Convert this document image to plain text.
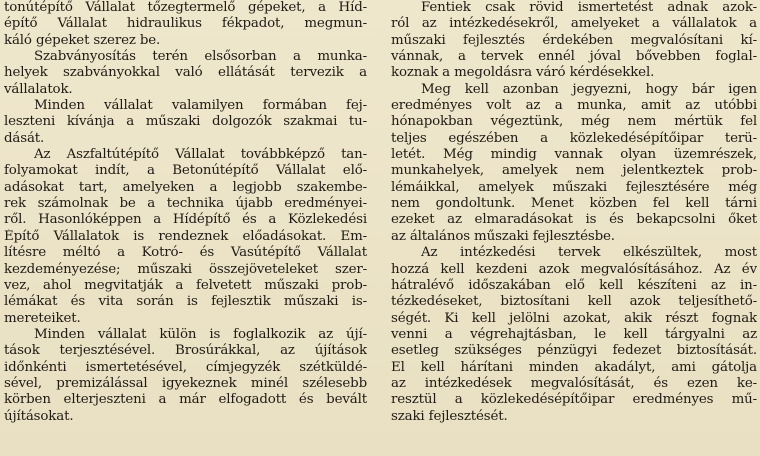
tonútépítő Vállalat tőzegtermelő gépeket, a Híd-
építő Vállalat hidraulikus fékpadot, megmun-
káló gépeket szerez be.
Szabványosítás terén elsősorban a munka-
helyek szabványokkal való ellátását tervezik a
vállalatok.
Minden vállalat valamilyen formában fej-
leszteni kívánja a műszaki dolgozók szakmai tu-
dását.
Az Aszfaltútépítő Vállalat továbbképző tan-
folyamokat indít, a Betonútépítő Vállalat elő-
adásokat tart, amelyeken a legjobb szakembe-
rek számolnak be a technika újabb eredményei-
ről. Hasonlóképpen a Hídépítő és a Közlekedési
Építő Vállalatok is rendeznek előadásokat. Em-
lítésre méltó a Kotró- és Vasútépítő Vállalat
kezdeményezése; műszaki összejöveteleket szer-
vez, ahol megvitatják a felvetett műszaki prob-
lémákat és vita során is fejlesztik műszaki is-
mereteiket.
Minden vállalat külön is foglalkozik az újí-
tások terjesztésével. Brosúrákkal, az újítások
időnkénti ismertetésével, címjegyzék szétküldé-
sével, premizálással igyekeznek minél szélesebb
körben elterjeszteni a már elfogadott és bevált
újításokat.
Fentiek csak rövid ismertetést adnak azok-
ról az intézkedésekről, amelyeket a vállalatok a
műszaki fejlesztés érdekében megvalósítani kí-
vánnak, a tervek ennél jóval bővebben foglal-
koznak a megoldásra váró kérdésekkel.
Meg kell azonban jegyezni, hogy bár igen
eredményes volt az a munka, amit az utóbbi
hónapokban végeztünk, még nem mértük fel
teljes egészében a közlekedésépítőipar terü-
letét. Még mindig vannak olyan üzemrészek,
munkahelyek, amelyek nem jelentkeztek prob-
lémáikkal, amelyek műszaki fejlesztésére még
nem gondoltunk. Menet közben fel kell tárni
ezeket az elmaradásokat is és bekapcsolni őket
az általános műszaki fejlesztésbe.
Az intézkedési tervek elkészültek, most
hozzá kell kezdeni azok megvalósításához. Az év
hátralévő időszakában elő kell készíteni az in-
tézkedéseket, biztosítani kell azok teljesíthető-
ségét. Ki kell jelölni azokat, akik részt fognak
venni a végrehajtásban, le kell tárgyalni az
esetleg szükséges pénzügyi fedezet biztosítását.
El kell hárítani minden akadályt, ami gátolja
az intézkedések megvalósítását, és ezen ke-
resztül a közlekedésépítőipar eredményes mű-
szaki fejlesztését.
